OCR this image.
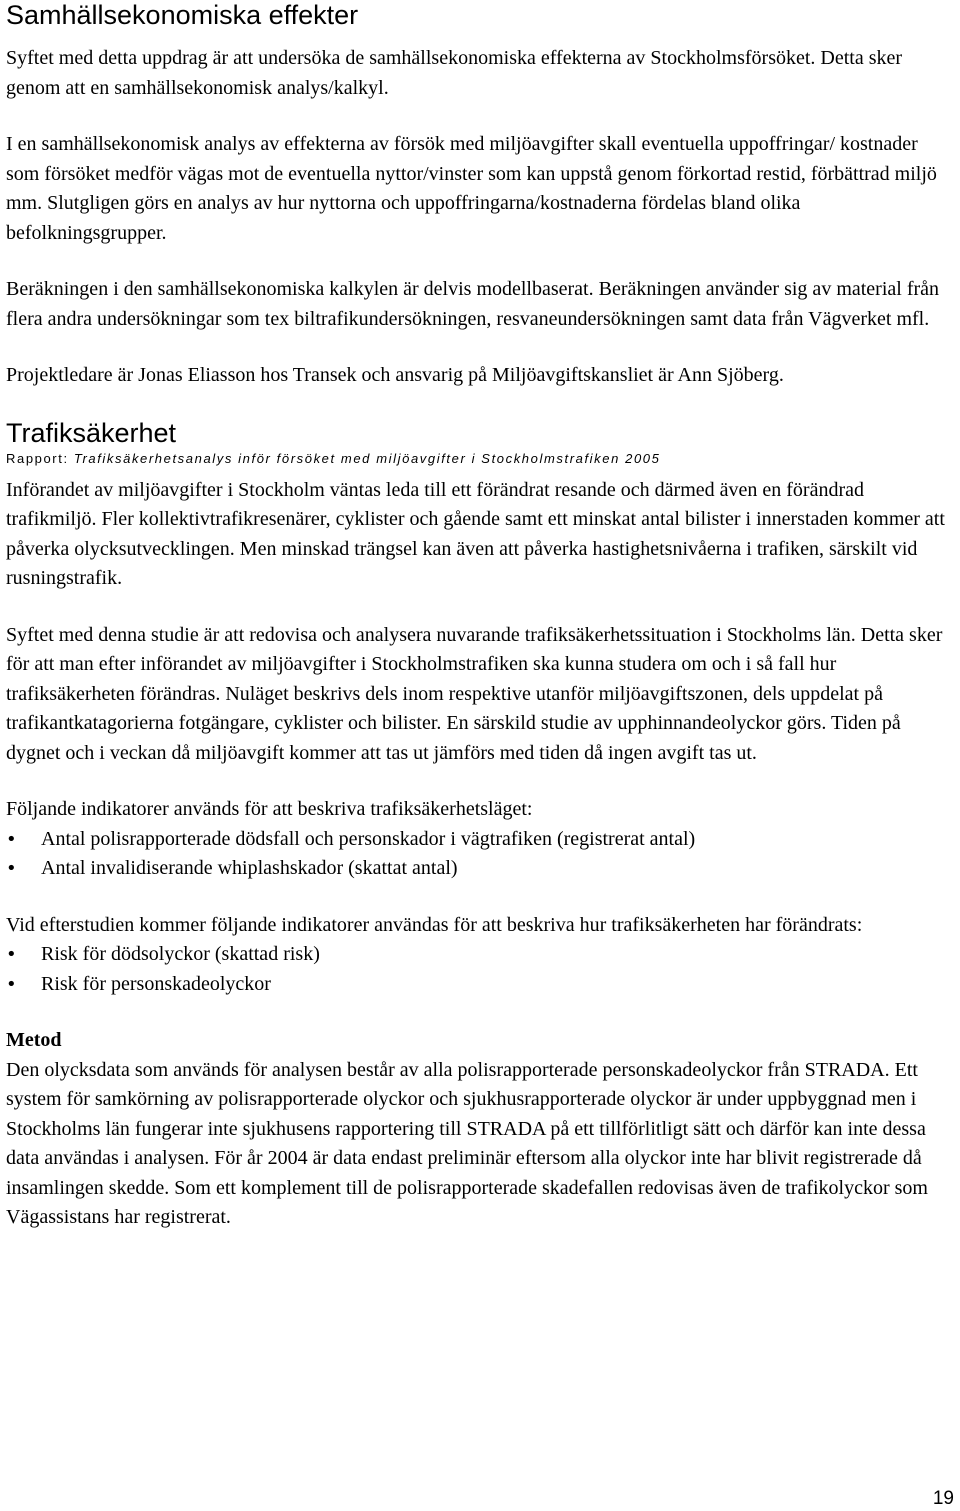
Samhällsekonomiska effekter

Syftet med detta uppdrag är att undersöka de samhällsekonomiska effekterna av Stockholmsförsöket. Detta sker genom att en samhällsekonomisk analys/kalkyl.

I en samhällsekonomisk analys av effekterna av försök med miljöavgifter skall eventuella uppoffringar/ kostnader som försöket medför vägas mot de eventuella nyttor/vinster som kan uppstå genom förkortad restid, förbättrad miljö mm. Slutgligen görs en analys av hur nyttorna och uppoffringarna/kostnaderna fördelas bland olika befolkningsgrupper.

Beräkningen i den samhällsekonomiska kalkylen är delvis modellbaserat. Beräkningen använder sig av material från flera andra undersökningar som tex biltrafikundersökningen, resvaneundersökningen samt data från Vägverket mfl.

Projektledare är Jonas Eliasson hos Transek och ansvarig på Miljöavgiftskansliet är Ann Sjöberg.

Trafiksäkerhet
Rapport: Trafiksäkerhetsanalys inför försöket med miljöavgifter i Stockholmstrafiken 2005

Införandet av miljöavgifter i Stockholm väntas leda till ett förändrat resande och därmed även en förändrad trafikmiljö. Fler kollektivtrafikresenärer, cyklister och gående samt ett minskat antal bilister i innerstaden kommer att påverka olycksutvecklingen. Men minskad trängsel kan även att påverka hastighetsnivåerna i trafiken, särskilt vid rusningstrafik.

Syftet med denna studie är att redovisa och analysera nuvarande trafiksäkerhetssituation i Stockholms län. Detta sker för att man efter införandet av miljöavgifter i Stockholmstrafiken ska kunna studera om och i så fall hur trafiksäkerheten förändras. Nuläget beskrivs dels inom respektive utanför miljöavgiftszonen, dels uppdelat på trafikantkatagorierna fotgängare, cyklister och bilister. En särskild studie av upphinnandeolyckor görs. Tiden på dygnet och i veckan då miljöavgift kommer att tas ut jämförs med tiden då ingen avgift tas ut.

Följande indikatorer används för att beskriva trafiksäkerhetsläget:

• Antal polisrapporterade dödsfall och personskador i vägtrafiken (registrerat antal)
• Antal invalidiserande whiplashskador (skattat antal)

Vid efterstudien kommer följande indikatorer användas för att beskriva hur trafiksäkerheten har förändrats:

• Risk för dödsolyckor (skattad risk)
• Risk för personskadeolyckor
Metod

Den olycksdata som används för analysen består av alla polisrapporterade personskadeolyckor från STRADA. Ett system för samkörning av polisrapporterade olyckor och sjukhusrapporterade olyckor är under uppbyggnad men i Stockholms län fungerar inte sjukhusens rapportering till STRADA på ett tillförlitligt sätt och därför kan inte dessa data användas i analysen. För år 2004 är data endast preliminär eftersom alla olyckor inte har blivit registrerade då insamlingen skedde. Som ett komplement till de polisrapporterade skadefallen redovisas även de trafikolyckor som Vägassistans har registrerat.

19
